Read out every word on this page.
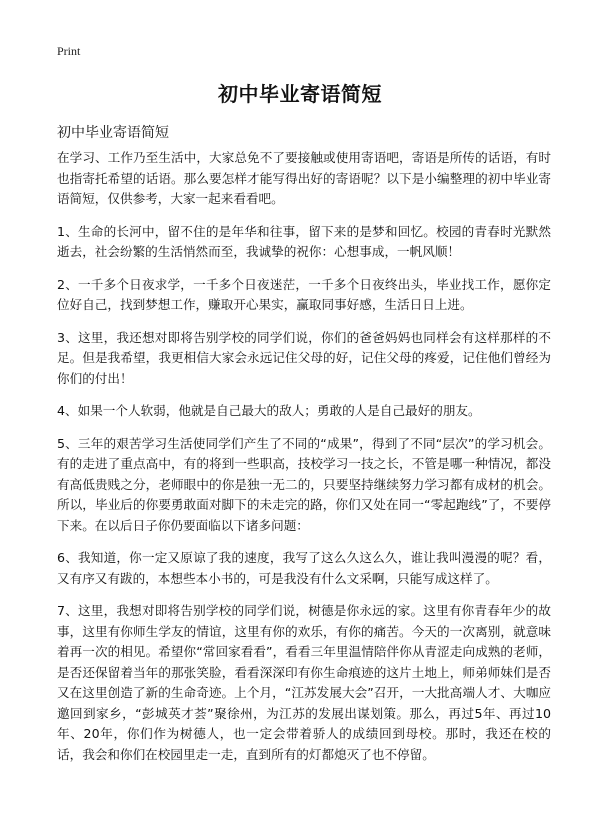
Print
初中毕业寄语简短
初中毕业寄语简短

在学习、工作乃至生活中，大家总免不了要接触或使用寄语吧，寄语是所传的话语，有时也指寄托希望的话语。那么要怎样才能写得出好的寄语呢？以下是小编整理的初中毕业寄语简短，仅供参考，大家一起来看看吧。

1、生命的长河中，留不住的是年华和往事，留下来的是梦和回忆。校园的青春时光默然逝去，社会纷繁的生活悄然而至，我诚挚的祝你：心想事成，一帆风顺！

2、一千多个日夜求学，一千多个日夜迷茫，一千多个日夜终出头，毕业找工作，愿你定位好自己，找到梦想工作，赚取开心果实，赢取同事好感，生活日日上进。

3、这里，我还想对即将告别学校的同学们说，你们的爸爸妈妈也同样会有这样那样的不足。但是我希望，我更相信大家会永远记住父母的好，记住父母的疼爱，记住他们曾经为你们的付出！

4、如果一个人软弱，他就是自己最大的敌人；勇敢的人是自己最好的朋友。

5、三年的艰苦学习生活使同学们产生了不同的“成果”，得到了不同“层次”的学习机会。有的走进了重点高中，有的将到一些职高，技校学习一技之长，不管是哪一种情况，都没有高低贵贱之分，老师眼中的你是独一无二的，只要坚持继续努力学习都有成材的机会。所以，毕业后的你要勇敢面对脚下的未走完的路，你们又处在同一“零起跑线”了，不要停下来。在以后日子你仍要面临以下诸多问题：

6、我知道，你一定又原谅了我的速度，我写了这么久这么久，谁让我叫漫漫的呢？看，又有序又有跋的，本想些本小书的，可是我没有什么文采啊，只能写成这样了。

7、这里，我想对即将告别学校的同学们说，树德是你永远的家。这里有你青春年少的故事，这里有你师生学友的情谊，这里有你的欢乐，有你的痛苦。今天的一次离别，就意味着再一次的相见。希望你“常回家看看”，看看三年里温情陪伴你从青涩走向成熟的老师，是否还保留着当年的那张笑脸，看看深深印有你生命痕迹的这片土地上，师弟师妹们是否又在这里创造了新的生命奇迹。上个月，“江苏发展大会”召开，一大批高端人才、大咖应邀回到家乡，“彭城英才荟”聚徐州，为江苏的发展出谋划策。那么，再过5年、再过10年、20年，你们作为树德人，也一定会带着骄人的成绩回到母校。那时，我还在校的话，我会和你们在校园里走一走，直到所有的灯都熄灭了也不停留。
